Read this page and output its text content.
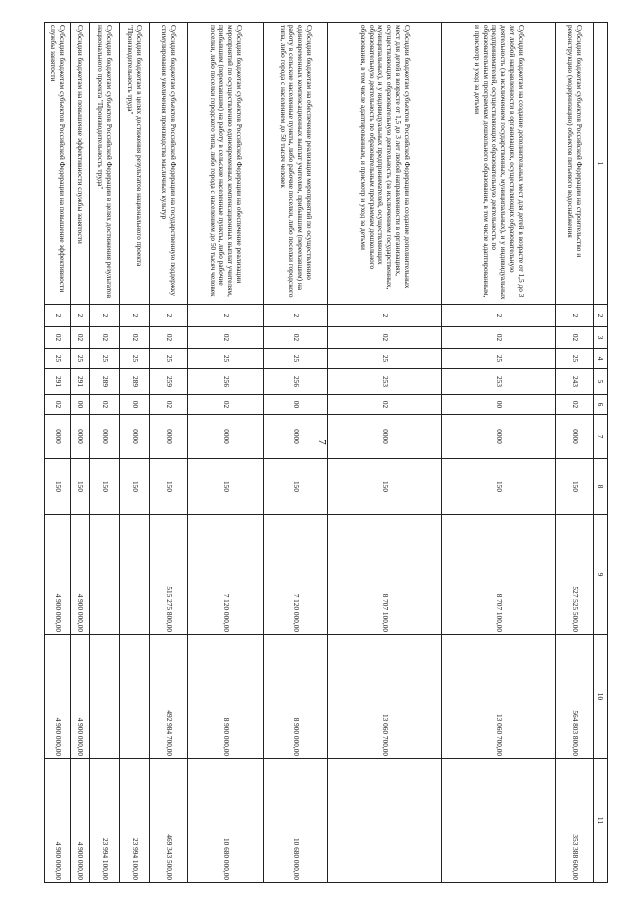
7
1	2	3	4	5	6	7	8	9	10	11
Субсидии бюджетам субъектов Российской Федерации на строительство и реконструкцию (модернизацию) объектов питьевого водоснабжения	2	02	25	243	02	0000	150	527 525 500,00	564 803 800,00	353 388 600,00
Субсидии бюджетам на создание дополнительных мест для детей в возрасте от 1,5 до 3 лет любой направленности в организациях, осуществляющих образовательную деятельность (за исключением государственных, муниципальных), и у индивидуальных предпринимателей, осуществляющих образовательную деятельность по образовательным программам дошкольного образования, в том числе адаптированным, и присмотр и уход за детьми	2	02	25	253	00	0000	150	8 707 100,00	13 060 700,00	
Субсидии бюджетам субъектов Российской Федерации на создание дополнительных мест для детей в возрасте от 1,5 до 3 лет любой направленности в организациях, осуществляющих образовательную деятельность (за исключением государственных, муниципальных), и у индивидуальных предпринимателей, осуществляющих образовательную деятельность по образовательным программам дошкольного образования, в том числе адаптированным, и присмотр и уход за детьми	2	02	25	253	02	0000	150	8 707 100,00	13 060 700,00	
Субсидии бюджетам на обеспечение реализации мероприятий по осуществлению единовременных компенсационных выплат учителям, прибывшим (переехавшим) на работу в сельские населенные пункты, либо рабочие поселки, либо поселки городского типа, либо города с населением до 50 тысяч человек	2	02	25	256	00	0000	150	7 120 000,00	8 900 000,00	10 680 000,00
Субсидии бюджетам субъектов Российской Федерации на обеспечение реализации мероприятий по осуществлению единовременных компенсационных выплат учителям, прибывшим (переехавшим) на работу в сельские населенные пункты, либо рабочие поселки, либо поселки городского типа, либо города с населением до 50 тысяч человек	2	02	25	256	02	0000	150	7 120 000,00	8 900 000,00	10 680 000,00
Субсидии бюджетам субъектов Российской Федерации на государственную поддержку стимулирования увеличения производства масличных культур	2	02	25	259	02	0000	150	515 275 800,00	492 984 700,00	469 343 500,00
Субсидии бюджетам в целях достижения результатов национального проекта "Производительность труда"	2	02	25	289	00	0000	150			23 994 100,00
Субсидии бюджетам субъектов Российской Федерации в целях достижения результатов национального проекта "Производительность труда"	2	02	25	289	02	0000	150			23 994 100,00
Субсидии бюджетам на повышение эффективности службы занятости	2	02	25	291	00	0000	150	4 900 000,00	4 900 000,00	4 900 000,00
Субсидии бюджетам субъектов Российской Федерации на повышение эффективности службы занятости	2	02	25	291	02	0000	150	4 900 000,00	4 900 000,00	4 900 000,00
